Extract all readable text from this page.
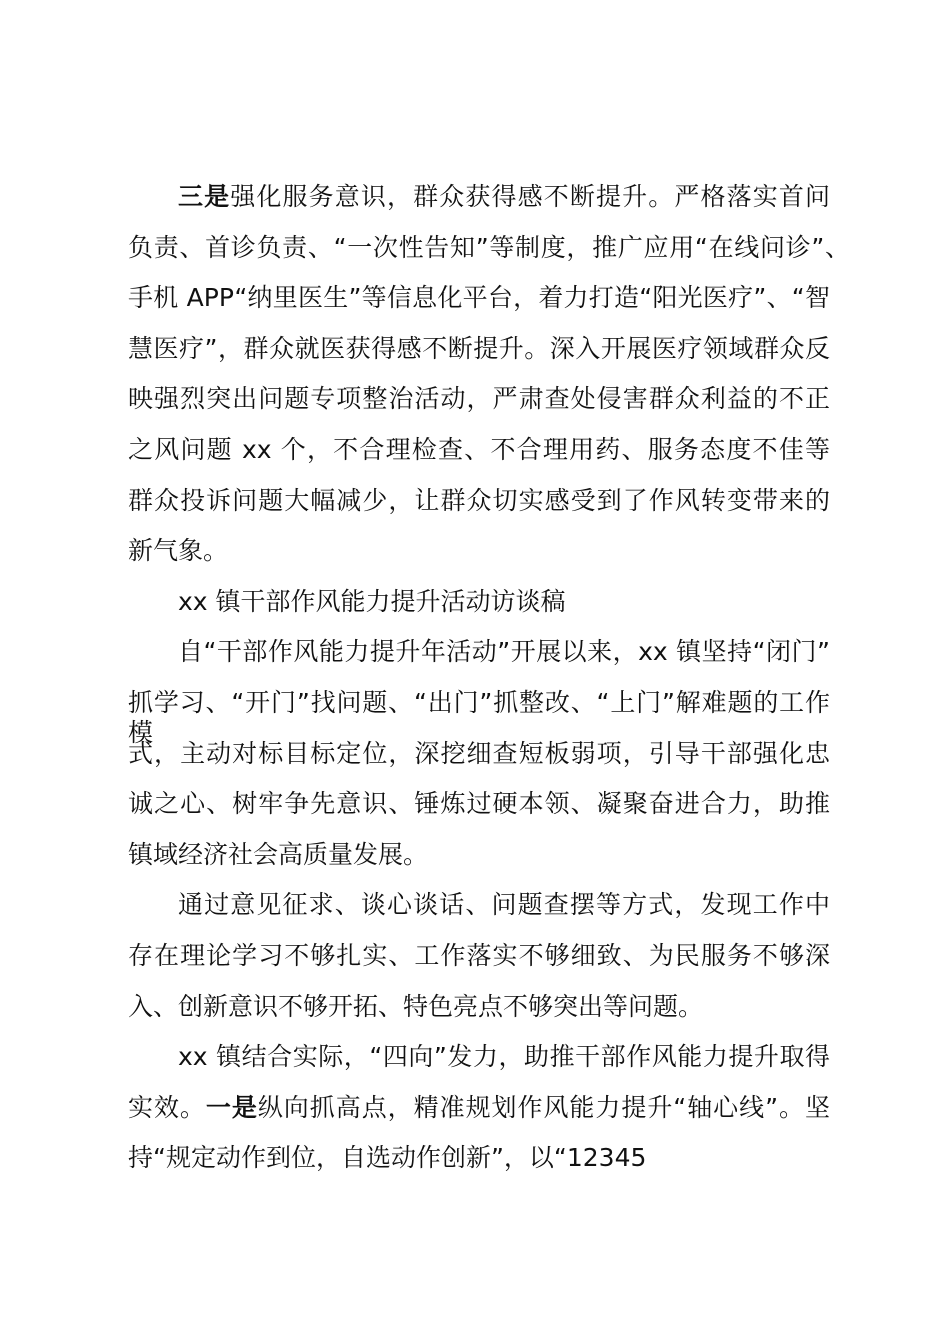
三是强化服务意识，群众获得感不断提升。严格落实首问
负责、首诊负责、“一次性告知”等制度，推广应用“在线问诊”、
手机 APP“纳里医生”等信息化平台，着力打造“阳光医疗”、“智
慧医疗”，群众就医获得感不断提升。深入开展医疗领域群众反
映强烈突出问题专项整治活动，严肃查处侵害群众利益的不正
之风问题 xx 个，不合理检查、不合理用药、服务态度不佳等
群众投诉问题大幅减少，让群众切实感受到了作风转变带来的
新气象。
xx 镇干部作风能力提升活动访谈稿
自“干部作风能力提升年活动”开展以来，xx 镇坚持“闭门”
抓学习、“开门”找问题、“出门”抓整改、“上门”解难题的工作模
式，主动对标目标定位，深挖细查短板弱项，引导干部强化忠
诚之心、树牢争先意识、锤炼过硬本领、凝聚奋进合力，助推
镇域经济社会高质量发展。
通过意见征求、谈心谈话、问题查摆等方式，发现工作中
存在理论学习不够扎实、工作落实不够细致、为民服务不够深
入、创新意识不够开拓、特色亮点不够突出等问题。
xx 镇结合实际，“四向”发力，助推干部作风能力提升取得
实效。一是纵向抓高点，精准规划作风能力提升“轴心线”。坚
持“规定动作到位，自选动作创新”，以“12345
